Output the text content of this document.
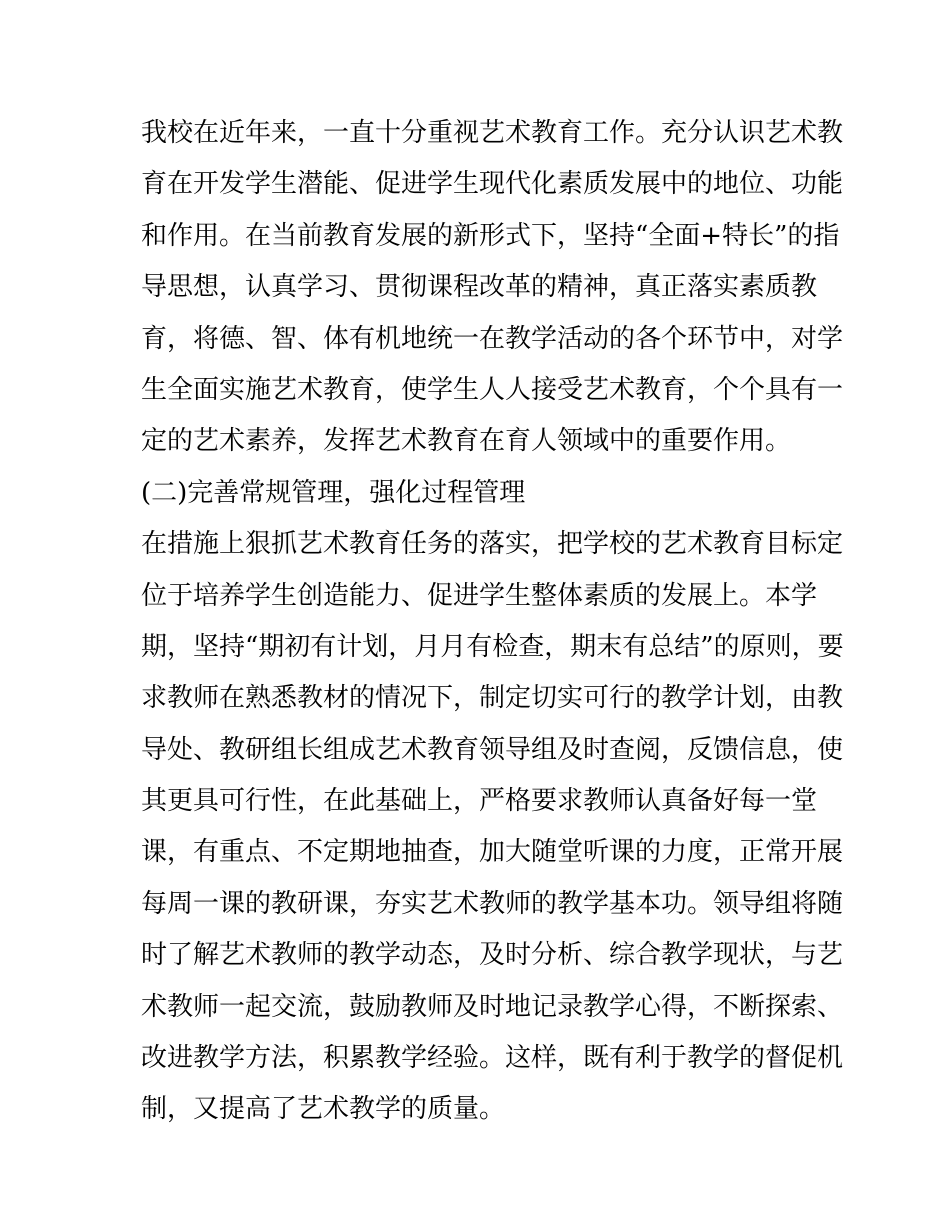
我校在近年来，一直十分重视艺术教育工作。充分认识艺术教
育在开发学生潜能、促进学生现代化素质发展中的地位、功能
和作用。在当前教育发展的新形式下，坚持“全面+特长”的指
导思想，认真学习、贯彻课程改革的精神，真正落实素质教
育，将德、智、体有机地统一在教学活动的各个环节中，对学
生全面实施艺术教育，使学生人人接受艺术教育，个个具有一
定的艺术素养，发挥艺术教育在育人领域中的重要作用。
(二)完善常规管理，强化过程管理
在措施上狠抓艺术教育任务的落实，把学校的艺术教育目标定
位于培养学生创造能力、促进学生整体素质的发展上。本学
期，坚持“期初有计划，月月有检查，期末有总结”的原则，要
求教师在熟悉教材的情况下，制定切实可行的教学计划，由教
导处、教研组长组成艺术教育领导组及时查阅，反馈信息，使
其更具可行性，在此基础上，严格要求教师认真备好每一堂
课，有重点、不定期地抽查，加大随堂听课的力度，正常开展
每周一课的教研课，夯实艺术教师的教学基本功。领导组将随
时了解艺术教师的教学动态，及时分析、综合教学现状，与艺
术教师一起交流，鼓励教师及时地记录教学心得，不断探索、
改进教学方法，积累教学经验。这样，既有利于教学的督促机
制，又提高了艺术教学的质量。
